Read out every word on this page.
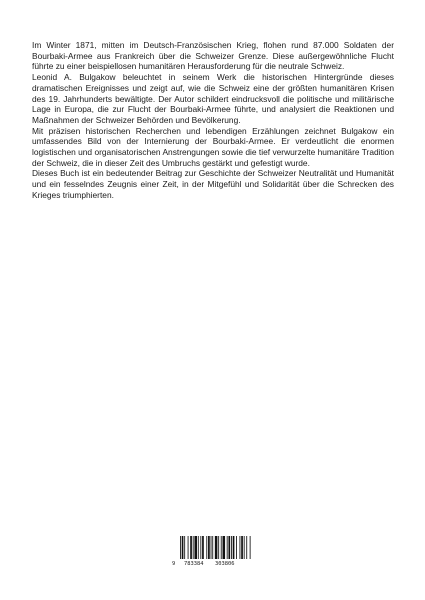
Im Winter 1871, mitten im Deutsch-Französischen Krieg, flohen rund 87.000 Soldaten der Bourbaki-Armee aus Frankreich über die Schweizer Grenze. Diese außergewöhnliche Flucht führte zu einer beispiellosen humanitären Herausforderung für die neutrale Schweiz.

Leonid A. Bulgakow beleuchtet in seinem Werk die historischen Hintergründe dieses dramatischen Ereignisses und zeigt auf, wie die Schweiz eine der größten humanitären Krisen des 19. Jahrhunderts bewältigte. Der Autor schildert eindrucksvoll die politische und militärische Lage in Europa, die zur Flucht der Bourbaki-Armee führte, und analysiert die Reaktionen und Maßnahmen der Schweizer Behörden und Bevölkerung.

Mit präzisen historischen Recherchen und lebendigen Erzählungen zeichnet Bulgakow ein umfassendes Bild von der Internierung der Bourbaki-Armee. Er verdeutlicht die enormen logistischen und organisatorischen Anstrengungen sowie die tief verwurzelte humanitäre Tradition der Schweiz, die in dieser Zeit des Umbruchs gestärkt und gefestigt wurde.

Dieses Buch ist ein bedeutender Beitrag zur Geschichte der Schweizer Neutralität und Humanität und ein fesselndes Zeugnis einer Zeit, in der Mitgefühl und Solidarität über die Schrecken des Krieges triumphierten.

9 783384 303806
